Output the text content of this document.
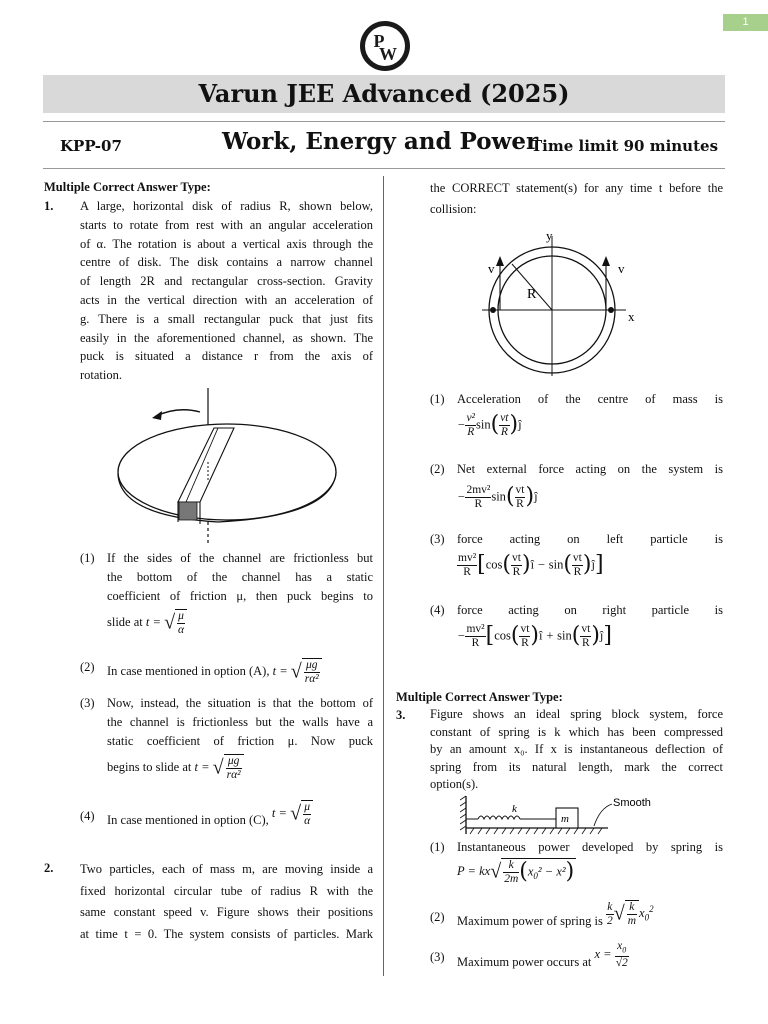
1
P
W
Varun JEE Advanced (2025)
KPP-07	Work, Energy and Power
Time limit 90 minutes
Multiple Correct Answer Type:
1. A large, horizontal disk of radius R, shown below,
starts to rotate from rest with an angular acceleration
of α. The rotation is about a vertical axis through the
centre of disk. The disk contains a narrow channel
of length 2R and rectangular cross-section. Gravity
acts in the vertical direction with an acceleration of
g. There is a small rectangular puck that just fits
easily in the aforementioned channel, as shown. The
puck is situated a distance r from the axis of
rotation.
(1) If the sides of the channel are frictionless but
the bottom of the channel has a static
coefficient of friction μ, then puck begins to
slide at t = √ $\frac{\mu}{\alpha}$
(2) In case mentioned in option (A), t = √ $\frac{\mu g}{\text{rα²}}$
(3) Now, instead, the situation is that the bottom of
the channel is frictionless but the walls have a
static coefficient of friction μ. Now puck
begins to slide at t = √ $\frac{\mu g}{\text{rα²}}$
(4) In case mentioned in option (C), t = √ $\frac{\mu}{\alpha}$
2. Two particles, each of mass m, are moving inside a
fixed horizontal circular tube of radius R with the
same constant speed v. Figure shows their positions
at time t = 0. The system consists of particles. Mark
the CORRECT statement(s) for any time t before the
collision:
y
x
v	v
R
(1) Acceleration of the centre of mass is
− $\frac{\text{v²}}{R} \sin( \frac{vt}{R}$ )ĵ
(2) Net external force acting on the system is
− $\frac{\text{2mv²}}{R} \sin( \frac{vt}{R}$ )ĵ
(3) force acting on left particle is
$\frac{\text{mv²}}{R} [\cos( \frac{vt}{R}$ )î − $\sin( \frac{vt}{R}$ )ĵ]
(4) force acting on right particle is
− $\frac{\text{mv²}}{R} [\cos( \frac{vt}{R}$ )î + $\sin( \frac{vt}{R}$ )ĵ]
Multiple Correct Answer Type:
3. Figure shows an ideal spring block system, force
constant of spring is k which has been compressed
by an amount x₀. If x is instantaneous deflection of
spring from its natural length, mark the correct
option(s).
k
m
Smooth
(1) Instantaneous power developed by spring is
$P = kx√ \frac{k}{2m} (x_0^2 - x^2)$
(2) Maximum power of spring is $\frac{k}{2}$ √ $\frac{k}{m} x_0^2$
(3) Maximum power occurs at $x = \frac{x_0}{√2}$
